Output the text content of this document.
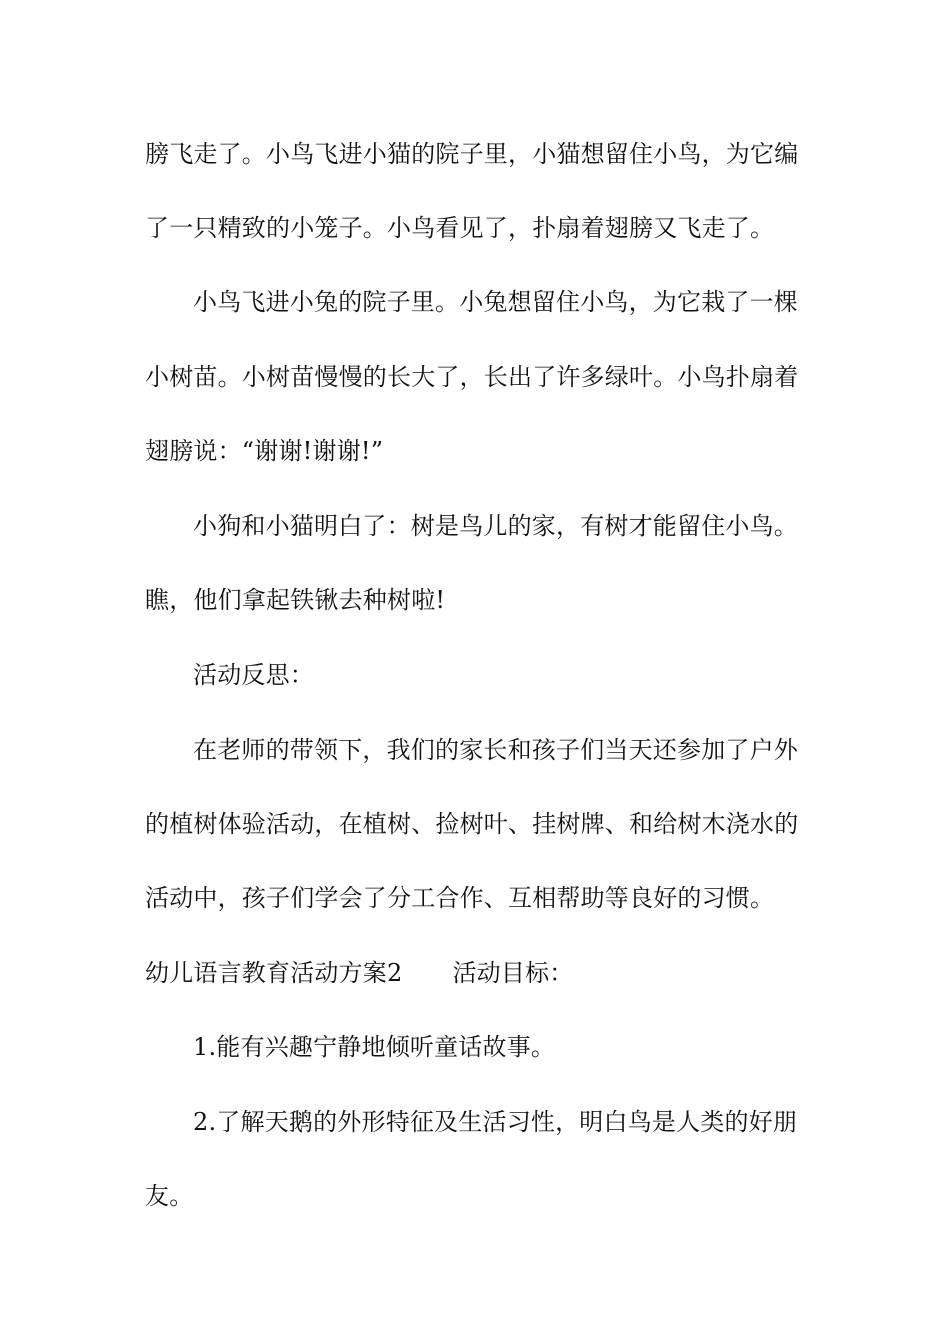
膀飞走了。小鸟飞进小猫的院子里，小猫想留住小鸟，为它编
了一只精致的小笼子。小鸟看见了，扑扇着翅膀又飞走了。
小鸟飞进小兔的院子里。小兔想留住小鸟，为它栽了一棵
小树苗。小树苗慢慢的长大了，长出了许多绿叶。小鸟扑扇着
翅膀说：“谢谢!谢谢!”
小狗和小猫明白了：树是鸟儿的家，有树才能留住小鸟。
瞧，他们拿起铁锹去种树啦!
活动反思：
在老师的带领下，我们的家长和孩子们当天还参加了户外
的植树体验活动，在植树、捡树叶、挂树牌、和给树木浇水的
活动中，孩子们学会了分工合作、互相帮助等良好的习惯。
幼儿语言教育活动方案2 活动目标：
1.能有兴趣宁静地倾听童话故事。
2.了解天鹅的外形特征及生活习性，明白鸟是人类的好朋
友。
